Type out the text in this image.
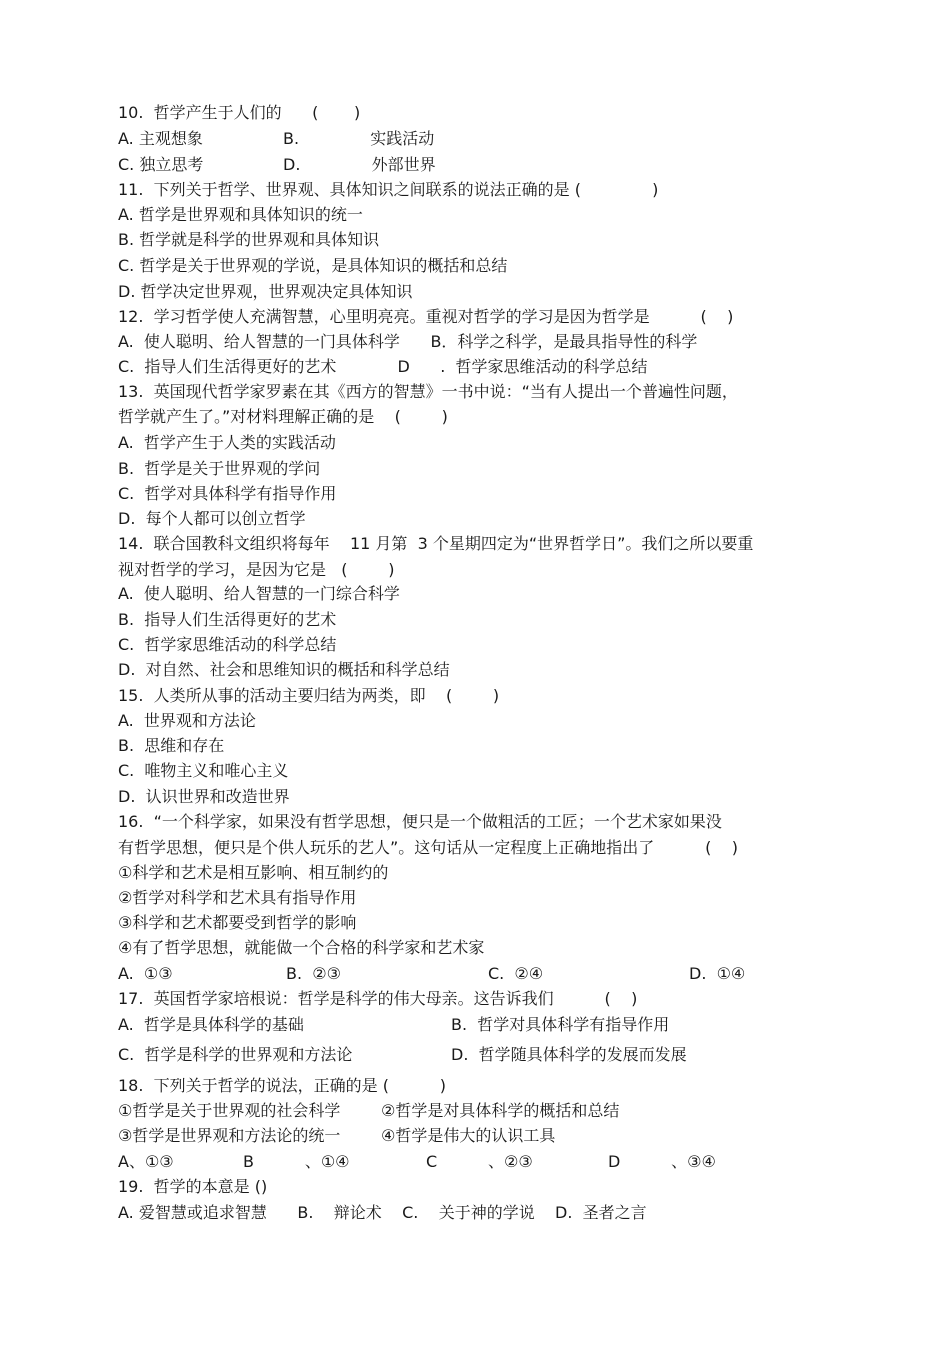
10.  哲学产生于人们的      (       )
A. 主观想象	B.              实践活动
C. 独立思考	D.              外部世界
11.  下列关于哲学、世界观、具体知识之间联系的说法正确的是 (              )
A. 哲学是世界观和具体知识的统一
B. 哲学就是科学的世界观和具体知识
C. 哲学是关于世界观的学说，是具体知识的概括和总结
D. 哲学决定世界观，世界观决定具体知识
12.  学习哲学使人充满智慧，心里明亮亮。重视对哲学的学习是因为哲学是          (    )
A.  使人聪明、给人智慧的一门具体科学      B．科学之科学，是最具指导性的科学
C.  指导人们生活得更好的艺术            D      .  哲学家思维活动的科学总结
13.  英国现代哲学家罗素在其《西方的智慧》一书中说：“当有人提出一个普遍性问题，
哲学就产生了。”对材料理解正确的是    (        )
A.  哲学产生于人类的实践活动
B.  哲学是关于世界观的学问
C.  哲学对具体科学有指导作用
D.  每个人都可以创立哲学
14.  联合国教科文组织将每年    11 月第  3 个星期四定为“世界哲学日”。我们之所以要重
视对哲学的学习，是因为它是   (        )
A.  使人聪明、给人智慧的一门综合科学
B.  指导人们生活得更好的艺术
C.  哲学家思维活动的科学总结
D.  对自然、社会和思维知识的概括和科学总结
15.  人类所从事的活动主要归结为两类，即    (        )
A.  世界观和方法论
B.  思维和存在
C.  唯物主义和唯心主义
D.  认识世界和改造世界
16.  “一个科学家，如果没有哲学思想，便只是一个做粗活的工匠；一个艺术家如果没
有哲学思想，便只是个供人玩乐的艺人”。这句话从一定程度上正确地指出了          (    )
①科学和艺术是相互影响、相互制约的
②哲学对科学和艺术具有指导作用
③科学和艺术都要受到哲学的影响
④有了哲学思想，就能做一个合格的科学家和艺术家
A.  ①③	B.  ②③	C.  ②④	D.  ①④
17.  英国哲学家培根说：哲学是科学的伟大母亲。这告诉我们          (    )
A.  哲学是具体科学的基础	B.  哲学对具体科学有指导作用
C.  哲学是科学的世界观和方法论	D.  哲学随具体科学的发展而发展
18.  下列关于哲学的说法，正确的是 (          )
①哲学是关于世界观的社会科学        ②哲学是对具体科学的概括和总结
③哲学是世界观和方法论的统一        ④哲学是伟大的认识工具
A、①③	B          、①④	C          、②③	D          、③④
19.  哲学的本意是 ()
A. 爱智慧或追求智慧      B.    辩论术    C.    关于神的学说    D.  圣者之言
